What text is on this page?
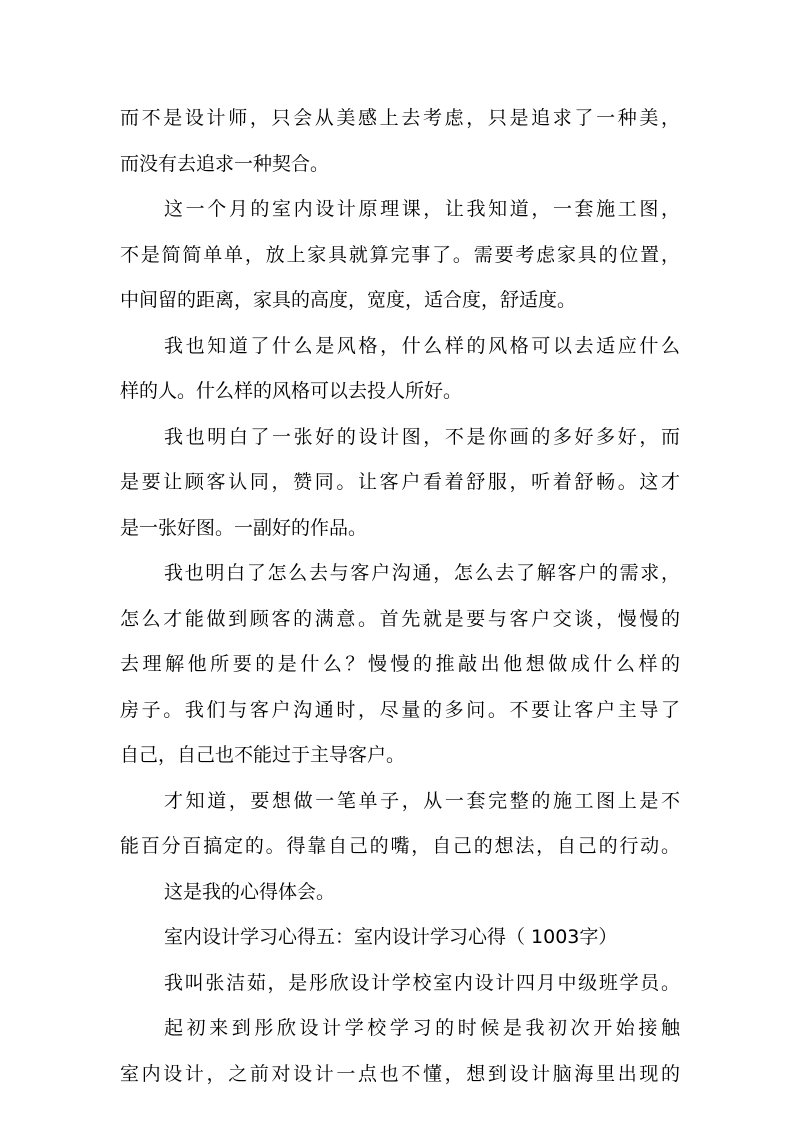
而不是设计师，只会从美感上去考虑，只是追求了一种美，
而没有去追求一种契合。
这一个月的室内设计原理课，让我知道，一套施工图，
不是简简单单，放上家具就算完事了。需要考虑家具的位置，
中间留的距离，家具的高度，宽度，适合度，舒适度。
我也知道了什么是风格，什么样的风格可以去适应什么
样的人。什么样的风格可以去投人所好。
我也明白了一张好的设计图，不是你画的多好多好，而
是要让顾客认同，赞同。让客户看着舒服，听着舒畅。这才
是一张好图。一副好的作品。
我也明白了怎么去与客户沟通，怎么去了解客户的需求，
怎么才能做到顾客的满意。首先就是要与客户交谈，慢慢的
去理解他所要的是什么？慢慢的推敲出他想做成什么样的
房子。我们与客户沟通时，尽量的多问。不要让客户主导了
自己，自己也不能过于主导客户。
才知道，要想做一笔单子，从一套完整的施工图上是不
能百分百搞定的。得靠自己的嘴，自己的想法，自己的行动。
这是我的心得体会。
室内设计学习心得五：室内设计学习心得（ 1003字）
我叫张洁茹，是彤欣设计学校室内设计四月中级班学员。
起初来到彤欣设计学校学习的时候是我初次开始接触
室内设计，之前对设计一点也不懂，想到设计脑海里出现的
